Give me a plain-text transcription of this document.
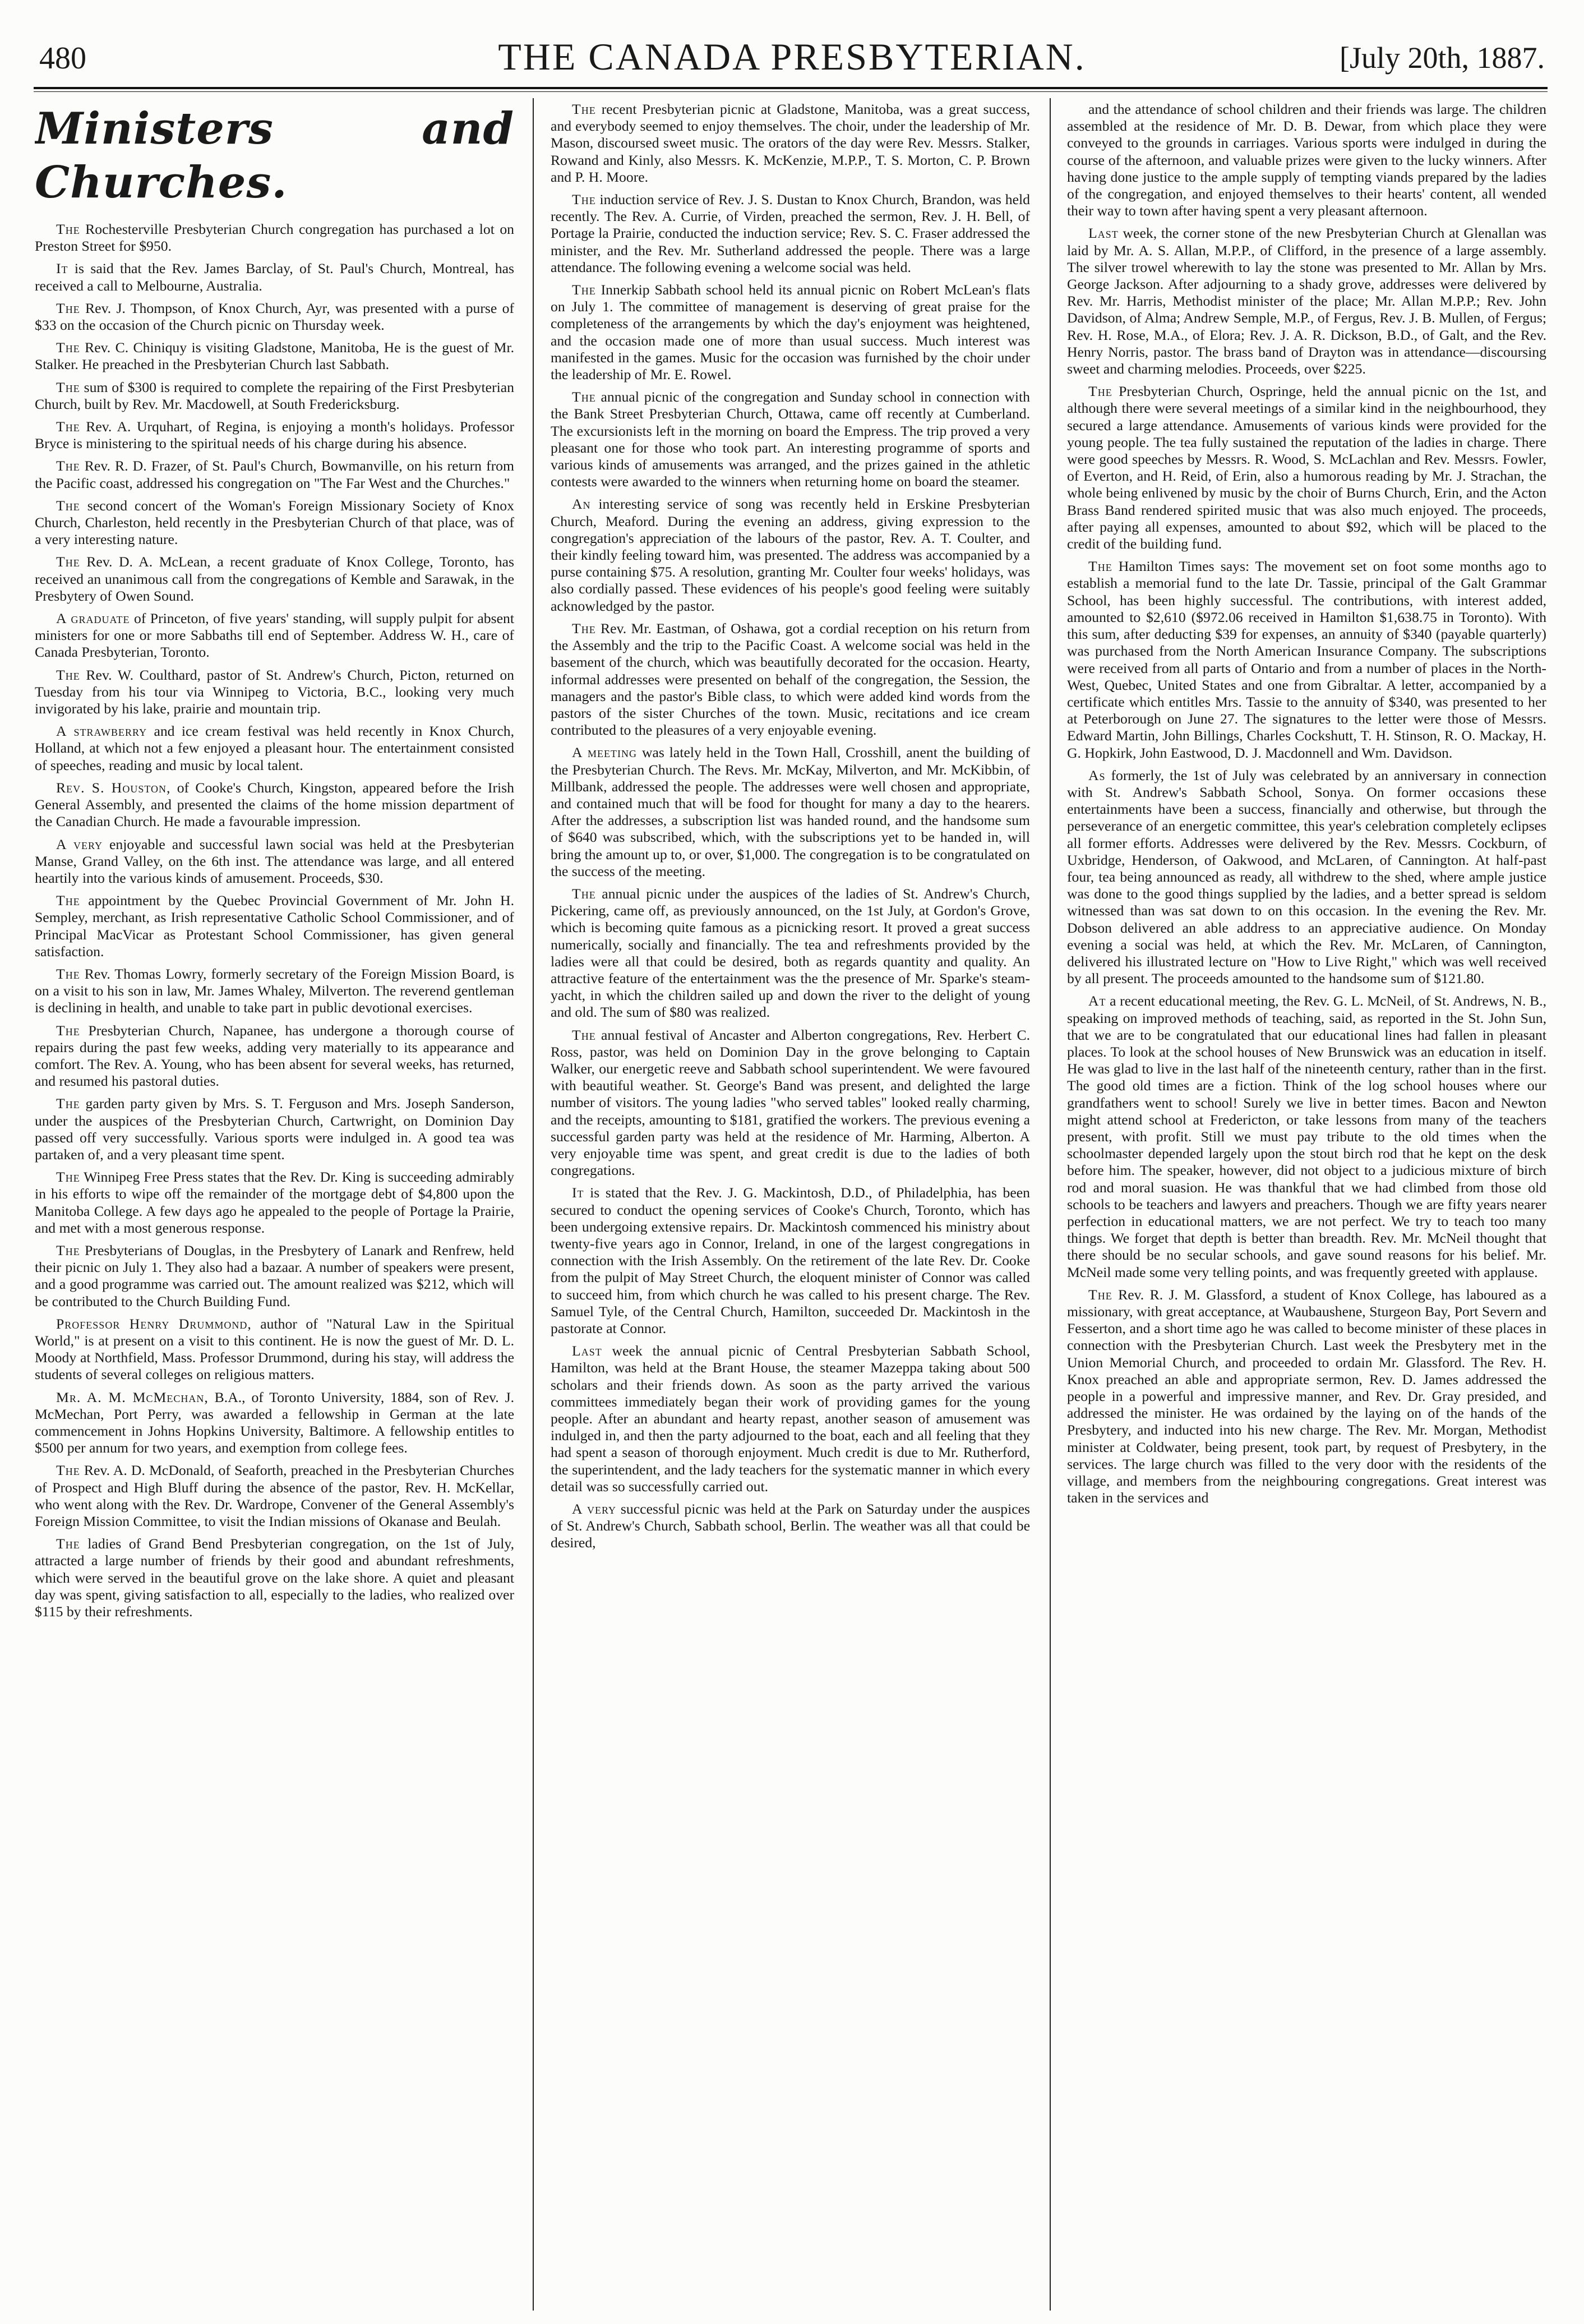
480	THE CANADA PRESBYTERIAN.	[July 20th, 1887.
Ministers and Churches.

The Rochesterville Presbyterian Church congregation has purchased a lot on Preston Street for $950.

It is said that the Rev. James Barclay, of St. Paul's Church, Montreal, has received a call to Melbourne, Australia.

The Rev. J. Thompson, of Knox Church, Ayr, was presented with a purse of $33 on the occasion of the Church picnic on Thursday week.

The Rev. C. Chiniquy is visiting Gladstone, Manitoba, He is the guest of Mr. Stalker. He preached in the Presbyterian Church last Sabbath.

The sum of $300 is required to complete the repairing of the First Presbyterian Church, built by Rev. Mr. Macdowell, at South Fredericksburg.

The Rev. A. Urquhart, of Regina, is enjoying a month's holidays. Professor Bryce is ministering to the spiritual needs of his charge during his absence.

The Rev. R. D. Frazer, of St. Paul's Church, Bowmanville, on his return from the Pacific coast, addressed his congregation on "The Far West and the Churches."

The second concert of the Woman's Foreign Missionary Society of Knox Church, Charleston, held recently in the Presbyterian Church of that place, was of a very interesting nature.

The Rev. D. A. McLean, a recent graduate of Knox College, Toronto, has received an unanimous call from the congregations of Kemble and Sarawak, in the Presbytery of Owen Sound.

A graduate of Princeton, of five years' standing, will supply pulpit for absent ministers for one or more Sabbaths till end of September. Address W. H., care of Canada Presbyterian, Toronto.

The Rev. W. Coulthard, pastor of St. Andrew's Church, Picton, returned on Tuesday from his tour via Winnipeg to Victoria, B.C., looking very much invigorated by his lake, prairie and mountain trip.

A strawberry and ice cream festival was held recently in Knox Church, Holland, at which not a few enjoyed a pleasant hour. The entertainment consisted of speeches, reading and music by local talent.

Rev. S. Houston, of Cooke's Church, Kingston, appeared before the Irish General Assembly, and presented the claims of the home mission department of the Canadian Church. He made a favourable impression.

A very enjoyable and successful lawn social was held at the Presbyterian Manse, Grand Valley, on the 6th inst. The attendance was large, and all entered heartily into the various kinds of amusement. Proceeds, $30.

The appointment by the Quebec Provincial Government of Mr. John H. Sempley, merchant, as Irish representative Catholic School Commissioner, and of Principal MacVicar as Protestant School Commissioner, has given general satisfaction.

The Rev. Thomas Lowry, formerly secretary of the Foreign Mission Board, is on a visit to his son in law, Mr. James Whaley, Milverton. The reverend gentleman is declining in health, and unable to take part in public devotional exercises.

The Presbyterian Church, Napanee, has undergone a thorough course of repairs during the past few weeks, adding very materially to its appearance and comfort. The Rev. A. Young, who has been absent for several weeks, has returned, and resumed his pastoral duties.

The garden party given by Mrs. S. T. Ferguson and Mrs. Joseph Sanderson, under the auspices of the Presbyterian Church, Cartwright, on Dominion Day passed off very successfully. Various sports were indulged in. A good tea was partaken of, and a very pleasant time spent.

The Winnipeg Free Press states that the Rev. Dr. King is succeeding admirably in his efforts to wipe off the remainder of the mortgage debt of $4,800 upon the Manitoba College. A few days ago he appealed to the people of Portage la Prairie, and met with a most generous response.

The Presbyterians of Douglas, in the Presbytery of Lanark and Renfrew, held their picnic on July 1. They also had a bazaar. A number of speakers were present, and a good programme was carried out. The amount realized was $212, which will be contributed to the Church Building Fund.

Professor Henry Drummond, author of "Natural Law in the Spiritual World," is at present on a visit to this continent. He is now the guest of Mr. D. L. Moody at Northfield, Mass. Professor Drummond, during his stay, will address the students of several colleges on religious matters.

Mr. A. M. McMechan, B.A., of Toronto University, 1884, son of Rev. J. McMechan, Port Perry, was awarded a fellowship in German at the late commencement in Johns Hopkins University, Baltimore. A fellowship entitles to $500 per annum for two years, and exemption from college fees.

The Rev. A. D. McDonald, of Seaforth, preached in the Presbyterian Churches of Prospect and High Bluff during the absence of the pastor, Rev. H. McKellar, who went along with the Rev. Dr. Wardrope, Convener of the General Assembly's Foreign Mission Committee, to visit the Indian missions of Okanase and Beulah.

The ladies of Grand Bend Presbyterian congregation, on the 1st of July, attracted a large number of friends by their good and abundant refreshments, which were served in the beautiful grove on the lake shore. A quiet and pleasant day was spent, giving satisfaction to all, especially to the ladies, who realized over $115 by their refreshments.

The recent Presbyterian picnic at Gladstone, Manitoba, was a great success, and everybody seemed to enjoy themselves. The choir, under the leadership of Mr. Mason, discoursed sweet music. The orators of the day were Rev. Messrs. Stalker, Rowand and Kinly, also Messrs. K. McKenzie, M.P.P., T. S. Morton, C. P. Brown and P. H. Moore.

The induction service of Rev. J. S. Dustan to Knox Church, Brandon, was held recently. The Rev. A. Currie, of Virden, preached the sermon, Rev. J. H. Bell, of Portage la Prairie, conducted the induction service; Rev. S. C. Fraser addressed the minister, and the Rev. Mr. Sutherland addressed the people. There was a large attendance. The following evening a welcome social was held.

The Innerkip Sabbath school held its annual picnic on Robert McLean's flats on July 1. The committee of management is deserving of great praise for the completeness of the arrangements by which the day's enjoyment was heightened, and the occasion made one of more than usual success. Much interest was manifested in the games. Music for the occasion was furnished by the choir under the leadership of Mr. E. Rowel.

The annual picnic of the congregation and Sunday school in connection with the Bank Street Presbyterian Church, Ottawa, came off recently at Cumberland. The excursionists left in the morning on board the Empress. The trip proved a very pleasant one for those who took part. An interesting programme of sports and various kinds of amusements was arranged, and the prizes gained in the athletic contests were awarded to the winners when returning home on board the steamer.

An interesting service of song was recently held in Erskine Presbyterian Church, Meaford. During the evening an address, giving expression to the congregation's appreciation of the labours of the pastor, Rev. A. T. Coulter, and their kindly feeling toward him, was presented. The address was accompanied by a purse containing $75. A resolution, granting Mr. Coulter four weeks' holidays, was also cordially passed. These evidences of his people's good feeling were suitably acknowledged by the pastor.

The Rev. Mr. Eastman, of Oshawa, got a cordial reception on his return from the Assembly and the trip to the Pacific Coast. A welcome social was held in the basement of the church, which was beautifully decorated for the occasion. Hearty, informal addresses were presented on behalf of the congregation, the Session, the managers and the pastor's Bible class, to which were added kind words from the pastors of the sister Churches of the town. Music, recitations and ice cream contributed to the pleasures of a very enjoyable evening.

A meeting was lately held in the Town Hall, Crosshill, anent the building of the Presbyterian Church. The Revs. Mr. McKay, Milverton, and Mr. McKibbin, of Millbank, addressed the people. The addresses were well chosen and appropriate, and contained much that will be food for thought for many a day to the hearers. After the addresses, a subscription list was handed round, and the handsome sum of $640 was subscribed, which, with the subscriptions yet to be handed in, will bring the amount up to, or over, $1,000. The congregation is to be congratulated on the success of the meeting.

The annual picnic under the auspices of the ladies of St. Andrew's Church, Pickering, came off, as previously announced, on the 1st July, at Gordon's Grove, which is becoming quite famous as a picnicking resort. It proved a great success numerically, socially and financially. The tea and refreshments provided by the ladies were all that could be desired, both as regards quantity and quality. An attractive feature of the entertainment was the the presence of Mr. Sparke's steam-yacht, in which the children sailed up and down the river to the delight of young and old. The sum of $80 was realized.

The annual festival of Ancaster and Alberton congregations, Rev. Herbert C. Ross, pastor, was held on Dominion Day in the grove belonging to Captain Walker, our energetic reeve and Sabbath school superintendent. We were favoured with beautiful weather. St. George's Band was present, and delighted the large number of visitors. The young ladies "who served tables" looked really charming, and the receipts, amounting to $181, gratified the workers. The previous evening a successful garden party was held at the residence of Mr. Harming, Alberton. A very enjoyable time was spent, and great credit is due to the ladies of both congregations.

It is stated that the Rev. J. G. Mackintosh, D.D., of Philadelphia, has been secured to conduct the opening services of Cooke's Church, Toronto, which has been undergoing extensive repairs. Dr. Mackintosh commenced his ministry about twenty-five years ago in Connor, Ireland, in one of the largest congregations in connection with the Irish Assembly. On the retirement of the late Rev. Dr. Cooke from the pulpit of May Street Church, the eloquent minister of Connor was called to succeed him, from which church he was called to his present charge. The Rev. Samuel Tyle, of the Central Church, Hamilton, succeeded Dr. Mackintosh in the pastorate at Connor.

Last week the annual picnic of Central Presbyterian Sabbath School, Hamilton, was held at the Brant House, the steamer Mazeppa taking about 500 scholars and their friends down. As soon as the party arrived the various committees immediately began their work of providing games for the young people. After an abundant and hearty repast, another season of amusement was indulged in, and then the party adjourned to the boat, each and all feeling that they had spent a season of thorough enjoyment. Much credit is due to Mr. Rutherford, the superintendent, and the lady teachers for the systematic manner in which every detail was so successfully carried out.

A very successful picnic was held at the Park on Saturday under the auspices of St. Andrew's Church, Sabbath school, Berlin. The weather was all that could be desired,

and the attendance of school children and their friends was large. The children assembled at the residence of Mr. D. B. Dewar, from which place they were conveyed to the grounds in carriages. Various sports were indulged in during the course of the afternoon, and valuable prizes were given to the lucky winners. After having done justice to the ample supply of tempting viands prepared by the ladies of the congregation, and enjoyed themselves to their hearts' content, all wended their way to town after having spent a very pleasant afternoon.

Last week, the corner stone of the new Presbyterian Church at Glenallan was laid by Mr. A. S. Allan, M.P.P., of Clifford, in the presence of a large assembly. The silver trowel wherewith to lay the stone was presented to Mr. Allan by Mrs. George Jackson. After adjourning to a shady grove, addresses were delivered by Rev. Mr. Harris, Methodist minister of the place; Mr. Allan M.P.P.; Rev. John Davidson, of Alma; Andrew Semple, M.P., of Fergus, Rev. J. B. Mullen, of Fergus; Rev. H. Rose, M.A., of Elora; Rev. J. A. R. Dickson, B.D., of Galt, and the Rev. Henry Norris, pastor. The brass band of Drayton was in attendance—discoursing sweet and charming melodies. Proceeds, over $225.

The Presbyterian Church, Ospringe, held the annual picnic on the 1st, and although there were several meetings of a similar kind in the neighbourhood, they secured a large attendance. Amusements of various kinds were provided for the young people. The tea fully sustained the reputation of the ladies in charge. There were good speeches by Messrs. R. Wood, S. McLachlan and Rev. Messrs. Fowler, of Everton, and H. Reid, of Erin, also a humorous reading by Mr. J. Strachan, the whole being enlivened by music by the choir of Burns Church, Erin, and the Acton Brass Band rendered spirited music that was also much enjoyed. The proceeds, after paying all expenses, amounted to about $92, which will be placed to the credit of the building fund.

The Hamilton Times says: The movement set on foot some months ago to establish a memorial fund to the late Dr. Tassie, principal of the Galt Grammar School, has been highly successful. The contributions, with interest added, amounted to $2,610 ($972.06 received in Hamilton $1,638.75 in Toronto). With this sum, after deducting $39 for expenses, an annuity of $340 (payable quarterly) was purchased from the North American Insurance Company. The subscriptions were received from all parts of Ontario and from a number of places in the North-West, Quebec, United States and one from Gibraltar. A letter, accompanied by a certificate which entitles Mrs. Tassie to the annuity of $340, was presented to her at Peterborough on June 27. The signatures to the letter were those of Messrs. Edward Martin, John Billings, Charles Cockshutt, T. H. Stinson, R. O. Mackay, H. G. Hopkirk, John Eastwood, D. J. Macdonnell and Wm. Davidson.

As formerly, the 1st of July was celebrated by an anniversary in connection with St. Andrew's Sabbath School, Sonya. On former occasions these entertainments have been a success, financially and otherwise, but through the perseverance of an energetic committee, this year's celebration completely eclipses all former efforts. Addresses were delivered by the Rev. Messrs. Cockburn, of Uxbridge, Henderson, of Oakwood, and McLaren, of Cannington. At half-past four, tea being announced as ready, all withdrew to the shed, where ample justice was done to the good things supplied by the ladies, and a better spread is seldom witnessed than was sat down to on this occasion. In the evening the Rev. Mr. Dobson delivered an able address to an appreciative audience. On Monday evening a social was held, at which the Rev. Mr. McLaren, of Cannington, delivered his illustrated lecture on "How to Live Right," which was well received by all present. The proceeds amounted to the handsome sum of $121.80.

At a recent educational meeting, the Rev. G. L. McNeil, of St. Andrews, N. B., speaking on improved methods of teaching, said, as reported in the St. John Sun, that we are to be congratulated that our educational lines had fallen in pleasant places. To look at the school houses of New Brunswick was an education in itself. He was glad to live in the last half of the nineteenth century, rather than in the first. The good old times are a fiction. Think of the log school houses where our grandfathers went to school! Surely we live in better times. Bacon and Newton might attend school at Fredericton, or take lessons from many of the teachers present, with profit. Still we must pay tribute to the old times when the schoolmaster depended largely upon the stout birch rod that he kept on the desk before him. The speaker, however, did not object to a judicious mixture of birch rod and moral suasion. He was thankful that we had climbed from those old schools to be teachers and lawyers and preachers. Though we are fifty years nearer perfection in educational matters, we are not perfect. We try to teach too many things. We forget that depth is better than breadth. Rev. Mr. McNeil thought that there should be no secular schools, and gave sound reasons for his belief. Mr. McNeil made some very telling points, and was frequently greeted with applause.

The Rev. R. J. M. Glassford, a student of Knox College, has laboured as a missionary, with great acceptance, at Waubaushene, Sturgeon Bay, Port Severn and Fesserton, and a short time ago he was called to become minister of these places in connection with the Presbyterian Church. Last week the Presbytery met in the Union Memorial Church, and proceeded to ordain Mr. Glassford. The Rev. H. Knox preached an able and appropriate sermon, Rev. D. James addressed the people in a powerful and impressive manner, and Rev. Dr. Gray presided, and addressed the minister. He was ordained by the laying on of the hands of the Presbytery, and inducted into his new charge. The Rev. Mr. Morgan, Methodist minister at Coldwater, being present, took part, by request of Presbytery, in the services. The large church was filled to the very door with the residents of the village, and members from the neighbouring congregations. Great interest was taken in the services and
